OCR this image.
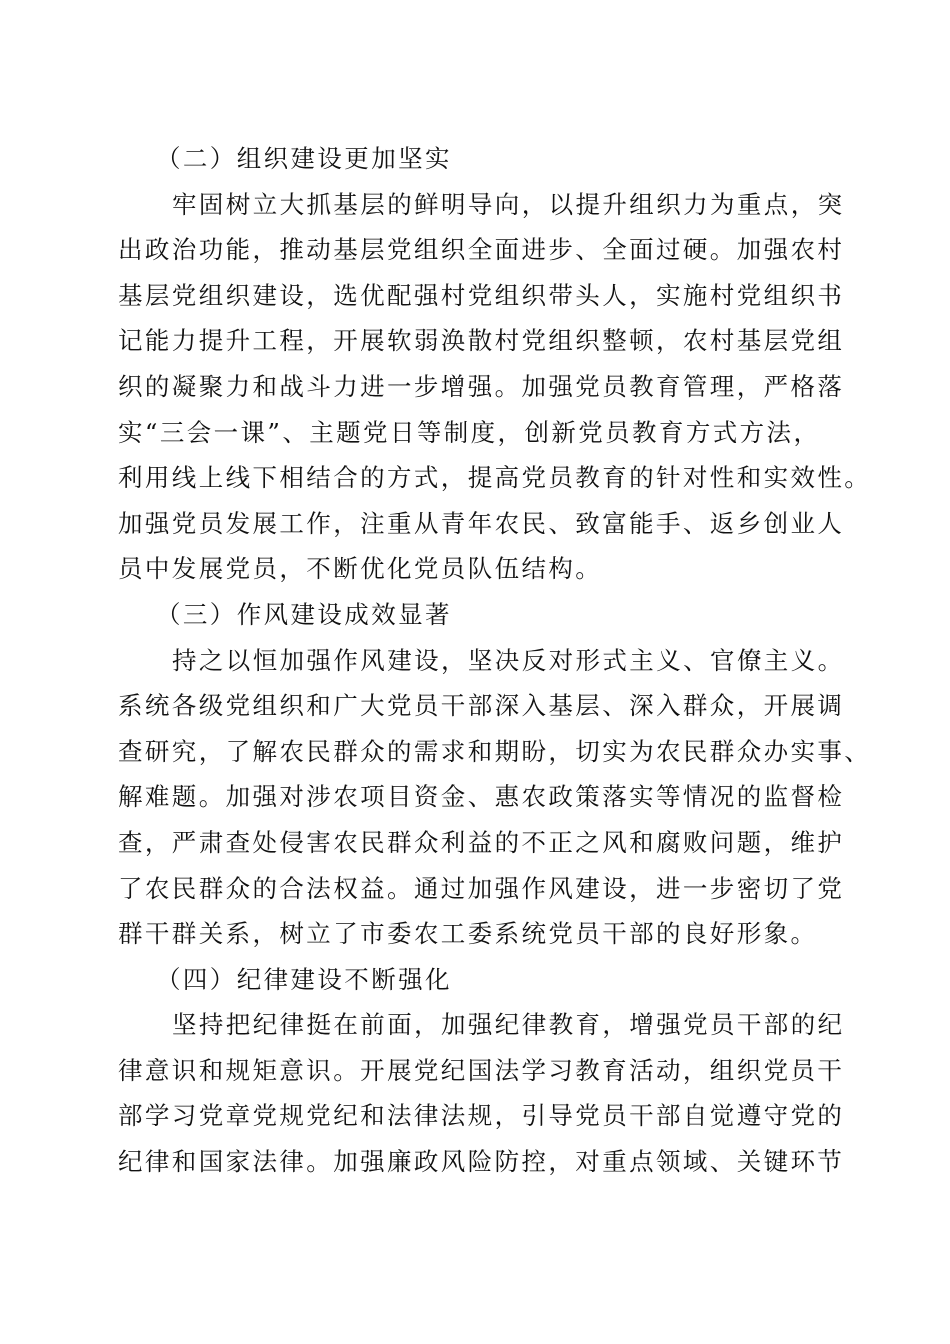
（二）组织建设更加坚实

牢固树立大抓基层的鲜明导向，以提升组织力为重点，突
出政治功能，推动基层党组织全面进步、全面过硬。加强农村
基层党组织建设，选优配强村党组织带头人，实施村党组织书
记能力提升工程，开展软弱涣散村党组织整顿，农村基层党组
织的凝聚力和战斗力进一步增强。加强党员教育管理，严格落
实“三会一课”、主题党日等制度，创新党员教育方式方法，
利用线上线下相结合的方式，提高党员教育的针对性和实效性。
加强党员发展工作，注重从青年农民、致富能手、返乡创业人
员中发展党员，不断优化党员队伍结构。

（三）作风建设成效显著

持之以恒加强作风建设，坚决反对形式主义、官僚主义。
系统各级党组织和广大党员干部深入基层、深入群众，开展调
查研究，了解农民群众的需求和期盼，切实为农民群众办实事、
解难题。加强对涉农项目资金、惠农政策落实等情况的监督检
查，严肃查处侵害农民群众利益的不正之风和腐败问题，维护
了农民群众的合法权益。通过加强作风建设，进一步密切了党
群干群关系，树立了市委农工委系统党员干部的良好形象。

（四）纪律建设不断强化

坚持把纪律挺在前面，加强纪律教育，增强党员干部的纪
律意识和规矩意识。开展党纪国法学习教育活动，组织党员干
部学习党章党规党纪和法律法规，引导党员干部自觉遵守党的
纪律和国家法律。加强廉政风险防控，对重点领域、关键环节
